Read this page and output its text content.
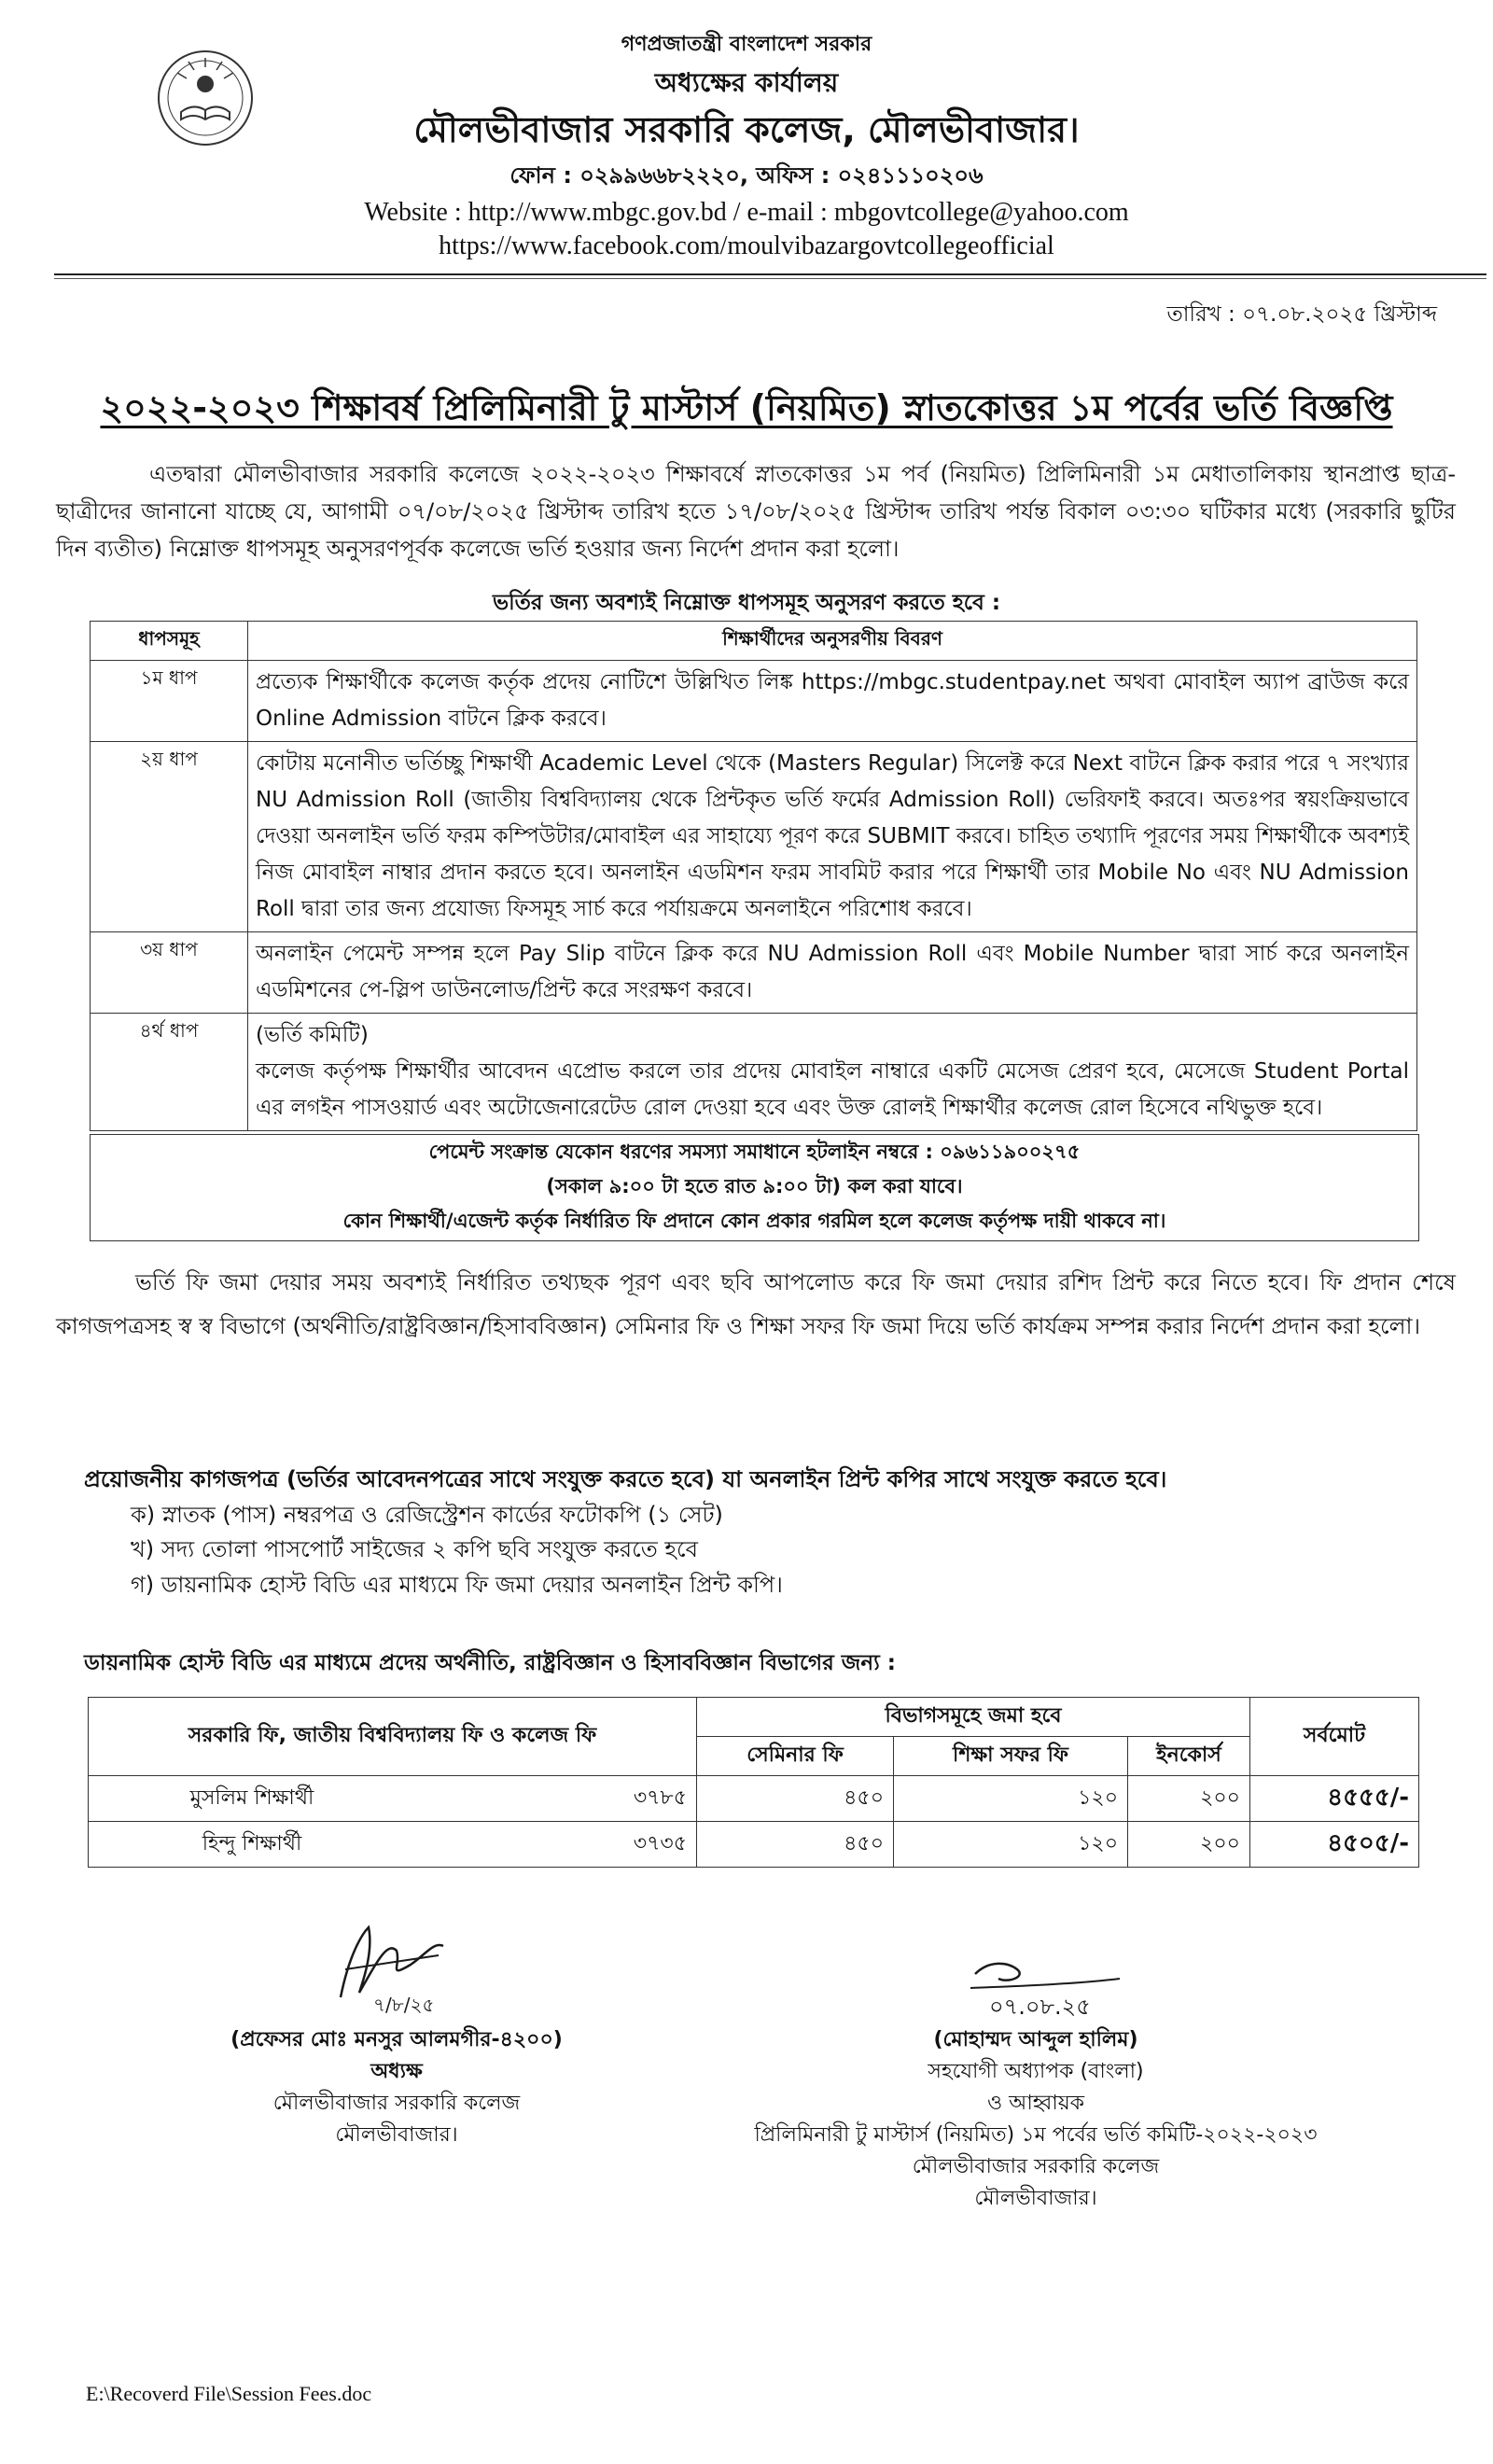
গণপ্রজাতন্ত্রী বাংলাদেশ সরকার
অধ্যক্ষের কার্যালয়
মৌলভীবাজার সরকারি কলেজ, মৌলভীবাজার।
ফোন : ০২৯৯৬৬৮২২২০, অফিস : ০২৪১১১০২০৬
Website : http://www.mbgc.gov.bd / e-mail : mbgovtcollege@yahoo.com
https://www.facebook.com/moulvibazargovtcollegeofficial
তারিখ : ০৭.০৮.২০২৫ খ্রিস্টাব্দ
২০২২-২০২৩ শিক্ষাবর্ষ প্রিলিমিনারী টু মাস্টার্স (নিয়মিত) স্নাতকোত্তর ১ম পর্বের ভর্তি বিজ্ঞপ্তি
এতদ্বারা মৌলভীবাজার সরকারি কলেজে ২০২২-২০২৩ শিক্ষাবর্ষে স্নাতকোত্তর ১ম পর্ব (নিয়মিত) প্রিলিমিনারী ১ম মেধাতালিকায় স্থানপ্রাপ্ত ছাত্র-ছাত্রীদের জানানো যাচ্ছে যে, আগামী ০৭/০৮/২০২৫ খ্রিস্টাব্দ তারিখ হতে ১৭/০৮/২০২৫ খ্রিস্টাব্দ তারিখ পর্যন্ত বিকাল ০৩:৩০ ঘটিকার মধ্যে (সরকারি ছুটির দিন ব্যতীত) নিম্নোক্ত ধাপসমূহ অনুসরণপূর্বক কলেজে ভর্তি হওয়ার জন্য নির্দেশ প্রদান করা হলো।
ভর্তির জন্য অবশ্যই নিম্নোক্ত ধাপসমূহ অনুসরণ করতে হবে :
ধাপসমূহ	শিক্ষার্থীদের অনুসরণীয় বিবরণ
১ম ধাপ	প্রত্যেক শিক্ষার্থীকে কলেজ কর্তৃক প্রদেয় নোটিশে উল্লিখিত লিঙ্ক https://mbgc.studentpay.net অথবা মোবাইল অ্যাপ ব্রাউজ করে Online Admission বাটনে ক্লিক করবে।
২য় ধাপ	কোটায় মনোনীত ভর্তিচ্ছু শিক্ষার্থী Academic Level থেকে (Masters Regular) সিলেক্ট করে Next বাটনে ক্লিক করার পরে ৭ সংখ্যার NU Admission Roll (জাতীয় বিশ্ববিদ্যালয় থেকে প্রিন্টকৃত ভর্তি ফর্মের Admission Roll) ভেরিফাই করবে। অতঃপর স্বয়ংক্রিয়ভাবে দেওয়া অনলাইন ভর্তি ফরম কম্পিউটার/মোবাইল এর সাহায্যে পূরণ করে SUBMIT করবে। চাহিত তথ্যাদি পূরণের সময় শিক্ষার্থীকে অবশ্যই নিজ মোবাইল নাম্বার প্রদান করতে হবে। অনলাইন এডমিশন ফরম সাবমিট করার পরে শিক্ষার্থী তার Mobile No এবং NU Admission Roll দ্বারা তার জন্য প্রযোজ্য ফিসমূহ সার্চ করে পর্যায়ক্রমে অনলাইনে পরিশোধ করবে।
৩য় ধাপ	অনলাইন পেমেন্ট সম্পন্ন হলে Pay Slip বাটনে ক্লিক করে NU Admission Roll এবং Mobile Number দ্বারা সার্চ করে অনলাইন এডমিশনের পে-স্লিপ ডাউনলোড/প্রিন্ট করে সংরক্ষণ করবে।
৪র্থ ধাপ	(ভর্তি কমিটি)
কলেজ কর্তৃপক্ষ শিক্ষার্থীর আবেদন এপ্রোভ করলে তার প্রদেয় মোবাইল নাম্বারে একটি মেসেজ প্রেরণ হবে, মেসেজে Student Portal এর লগইন পাসওয়ার্ড এবং অটোজেনারেটেড রোল দেওয়া হবে এবং উক্ত রোলই শিক্ষার্থীর কলেজ রোল হিসেবে নথিভুক্ত হবে।
পেমেন্ট সংক্রান্ত যেকোন ধরণের সমস্যা সমাধানে হটলাইন নম্বরে : ০৯৬১১৯০০২৭৫
(সকাল ৯:০০ টা হতে রাত ৯:০০ টা) কল করা যাবে।
কোন শিক্ষার্থী/এজেন্ট কর্তৃক নির্ধারিত ফি প্রদানে কোন প্রকার গরমিল হলে কলেজ কর্তৃপক্ষ দায়ী থাকবে না।
ভর্তি ফি জমা দেয়ার সময় অবশ্যই নির্ধারিত তথ্যছক পূরণ এবং ছবি আপলোড করে ফি জমা দেয়ার রশিদ প্রিন্ট করে নিতে হবে। ফি প্রদান শেষে কাগজপত্রসহ স্ব স্ব বিভাগে (অর্থনীতি/রাষ্ট্রবিজ্ঞান/হিসাববিজ্ঞান) সেমিনার ফি ও শিক্ষা সফর ফি জমা দিয়ে ভর্তি কার্যক্রম সম্পন্ন করার নির্দেশ প্রদান করা হলো।
প্রয়োজনীয় কাগজপত্র (ভর্তির আবেদনপত্রের সাথে সংযুক্ত করতে হবে) যা অনলাইন প্রিন্ট কপির সাথে সংযুক্ত করতে হবে।
ক) স্নাতক (পাস) নম্বরপত্র ও রেজিস্ট্রেশন কার্ডের ফটোকপি (১ সেট)
খ) সদ্য তোলা পাসপোর্ট সাইজের ২ কপি ছবি সংযুক্ত করতে হবে
গ) ডায়নামিক হোস্ট বিডি এর মাধ্যমে ফি জমা দেয়ার অনলাইন প্রিন্ট কপি।
ডায়নামিক হোস্ট বিডি এর মাধ্যমে প্রদেয় অর্থনীতি, রাষ্ট্রবিজ্ঞান ও হিসাববিজ্ঞান বিভাগের জন্য :
সরকারি ফি, জাতীয় বিশ্ববিদ্যালয় ফি ও কলেজ ফি		বিভাগসমূহে জমা হবে			সর্বমোট
		সেমিনার ফি	শিক্ষা সফর ফি	ইনকোর্স	
মুসলিম শিক্ষার্থী	৩৭৮৫	৪৫০	১২০	২০০	৪৫৫৫/-
হিন্দু শিক্ষার্থী	৩৭৩৫	৪৫০	১২০	২০০	৪৫০৫/-
৭/৮/২৫
(প্রফেসর মোঃ মনসুর আলমগীর-৪২০০)
অধ্যক্ষ
মৌলভীবাজার সরকারি কলেজ
মৌলভীবাজার।
০৭.০৮.২৫
(মোহাম্মদ আব্দুল হালিম)
সহযোগী অধ্যাপক (বাংলা)
ও আহ্বায়ক
প্রিলিমিনারী টু মাস্টার্স (নিয়মিত) ১ম পর্বের ভর্তি কমিটি-২০২২-২০২৩
মৌলভীবাজার সরকারি কলেজ
মৌলভীবাজার।
E:\Recoverd File\Session Fees.doc
